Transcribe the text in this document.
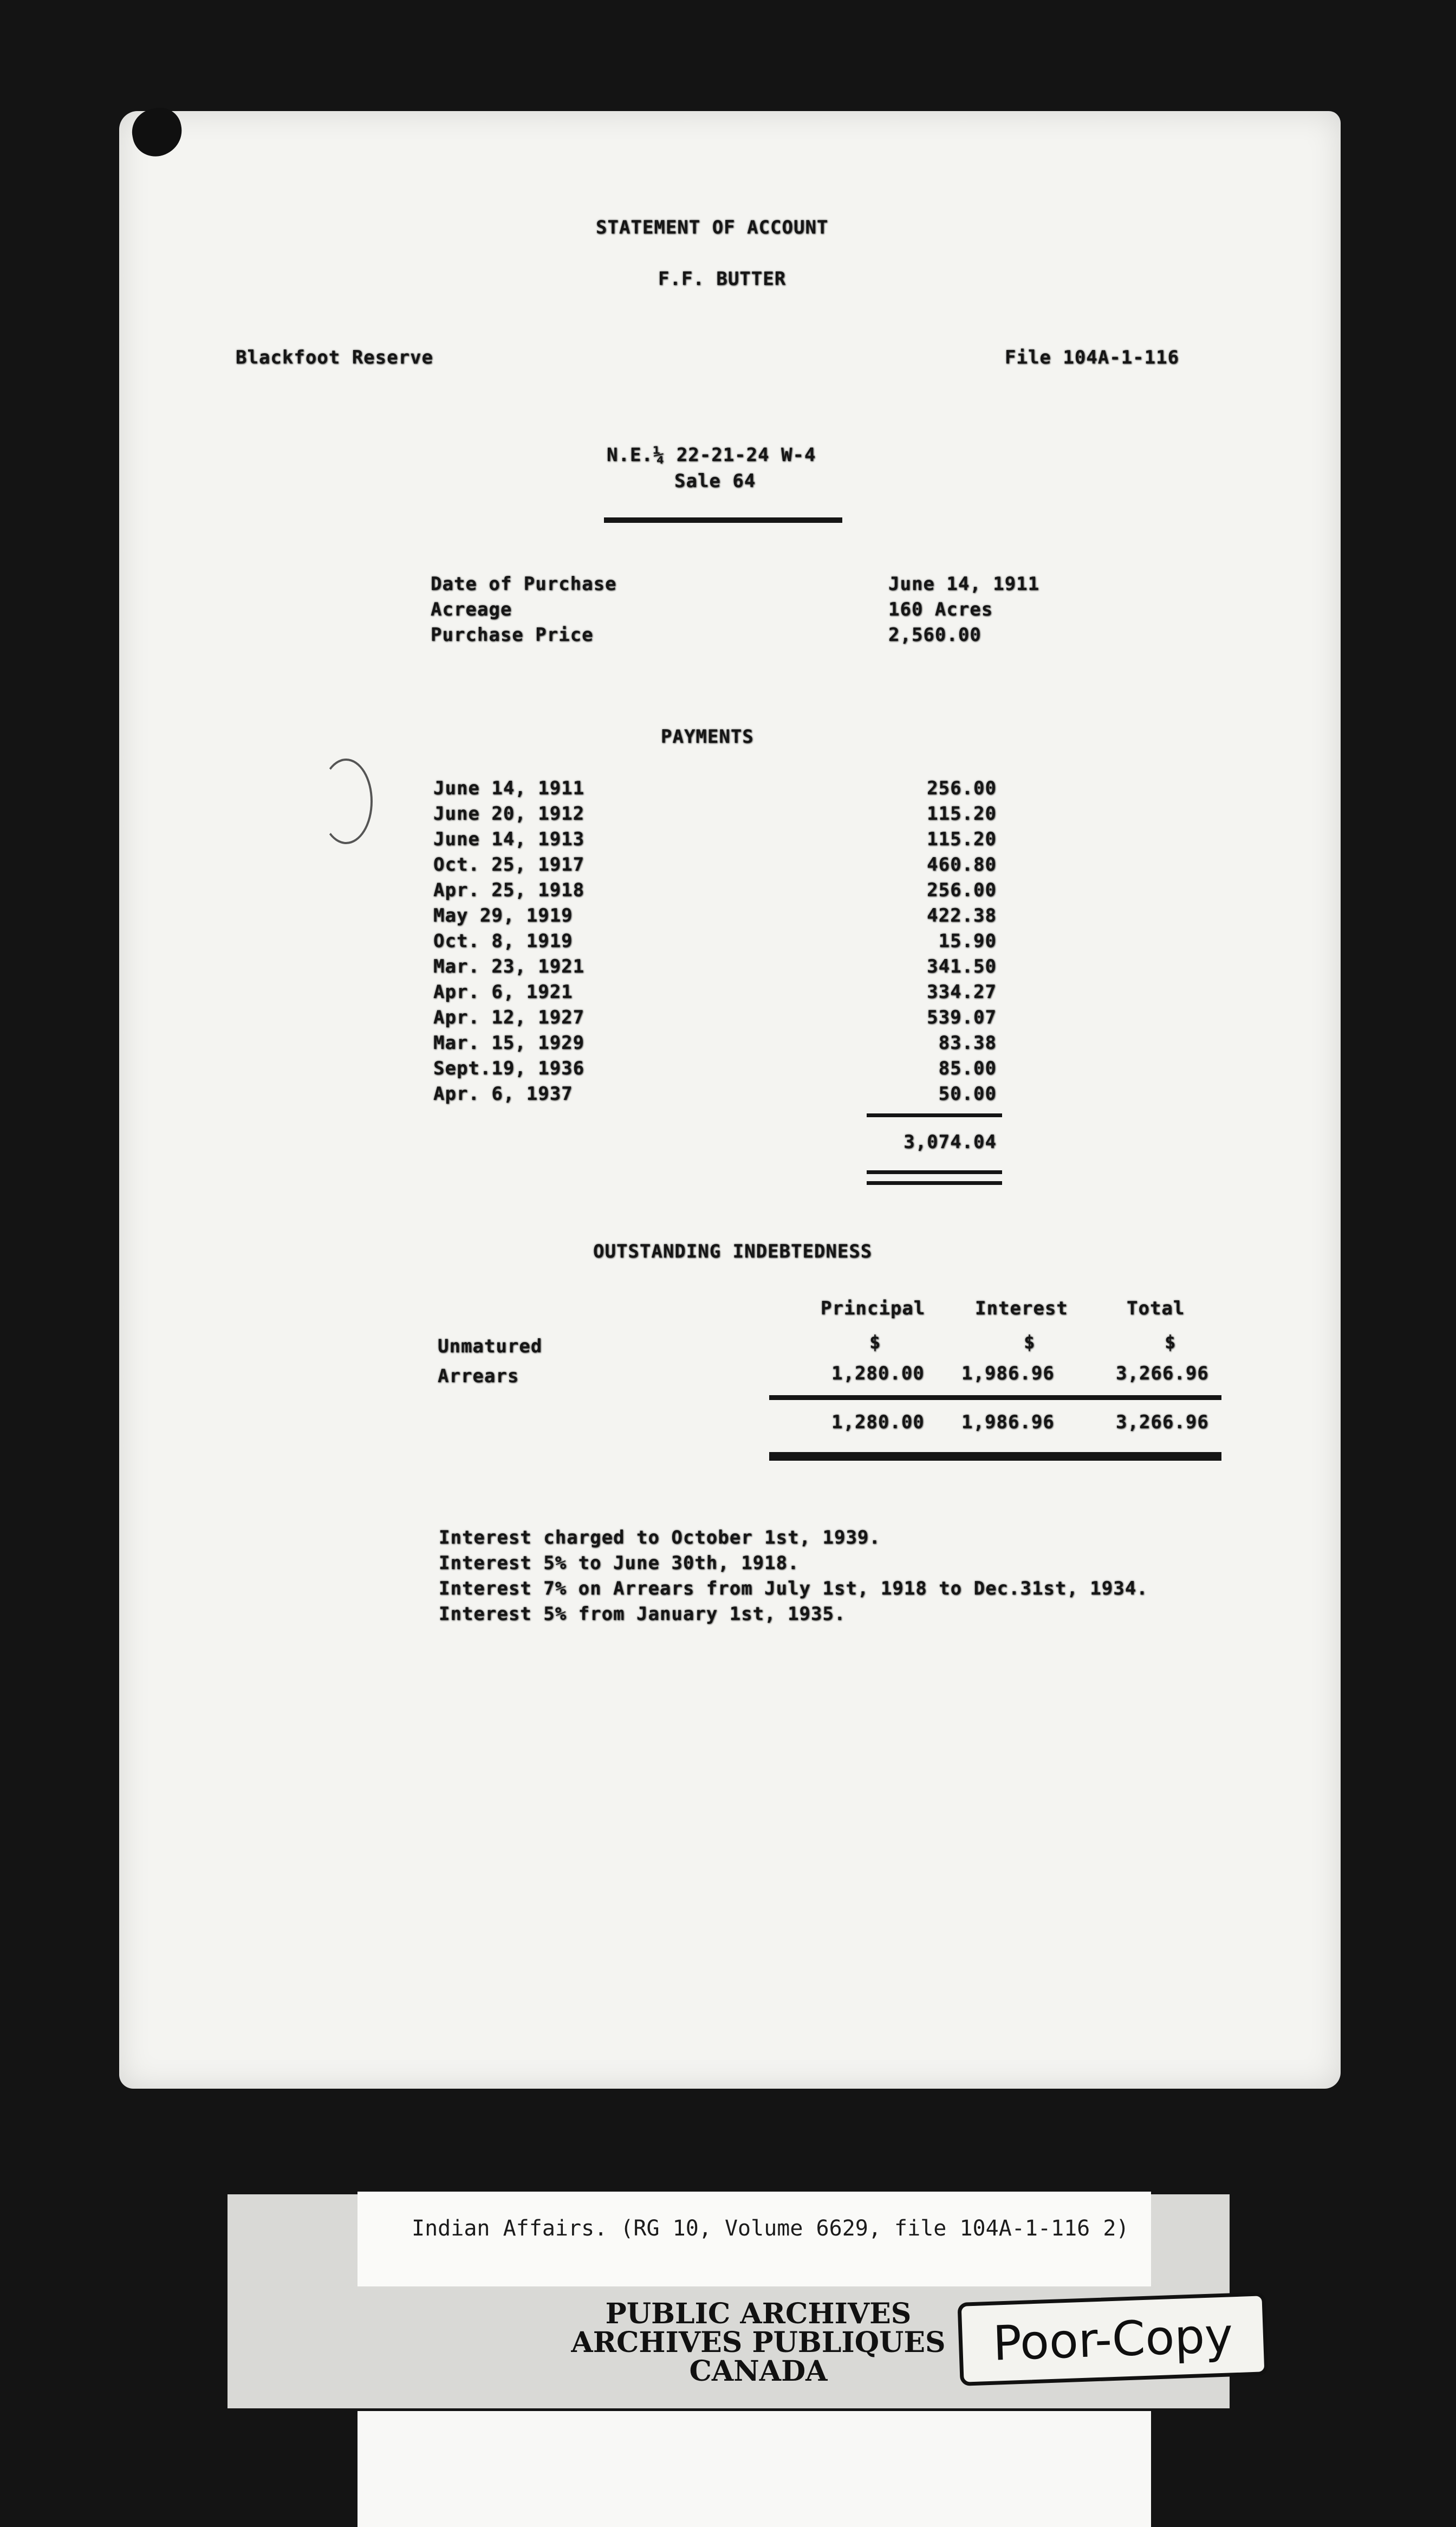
STATEMENT OF ACCOUNT
F.F. BUTTER
Blackfoot Reserve	File 104A-1-116
N.E.¼ 22-21-24 W-4
Sale 64
Date of Purchase	June 14, 1911
Acreage	160 Acres
Purchase Price	2,560.00
PAYMENTS
June 14, 1911	256.00
June 20, 1912	115.20
June 14, 1913	115.20
Oct. 25, 1917	460.80
Apr. 25, 1918	256.00
May 29, 1919	422.38
Oct. 8, 1919	15.90
Mar. 23, 1921	341.50
Apr. 6, 1921	334.27
Apr. 12, 1927	539.07
Mar. 15, 1929	83.38
Sept.19, 1936	85.00
Apr. 6, 1937	50.00
3,074.04
OUTSTANDING INDEBTEDNESS
Principal	Interest	Total
$	$	$
Unmatured
Arrears	1,280.00 1,986.96	3,266.96
1,280.00 1,986.96	3,266.96
Interest charged to October 1st, 1939.
Interest 5% to June 30th, 1918.
Interest 7% on Arrears from July 1st, 1918 to Dec.31st, 1934.
Interest 5% from January 1st, 1935.
Indian Affairs. (RG 10, Volume 6629, file 104A-1-116 2)
PUBLIC ARCHIVES
ARCHIVES PUBLIQUES
CANADA
Poor-Copy
